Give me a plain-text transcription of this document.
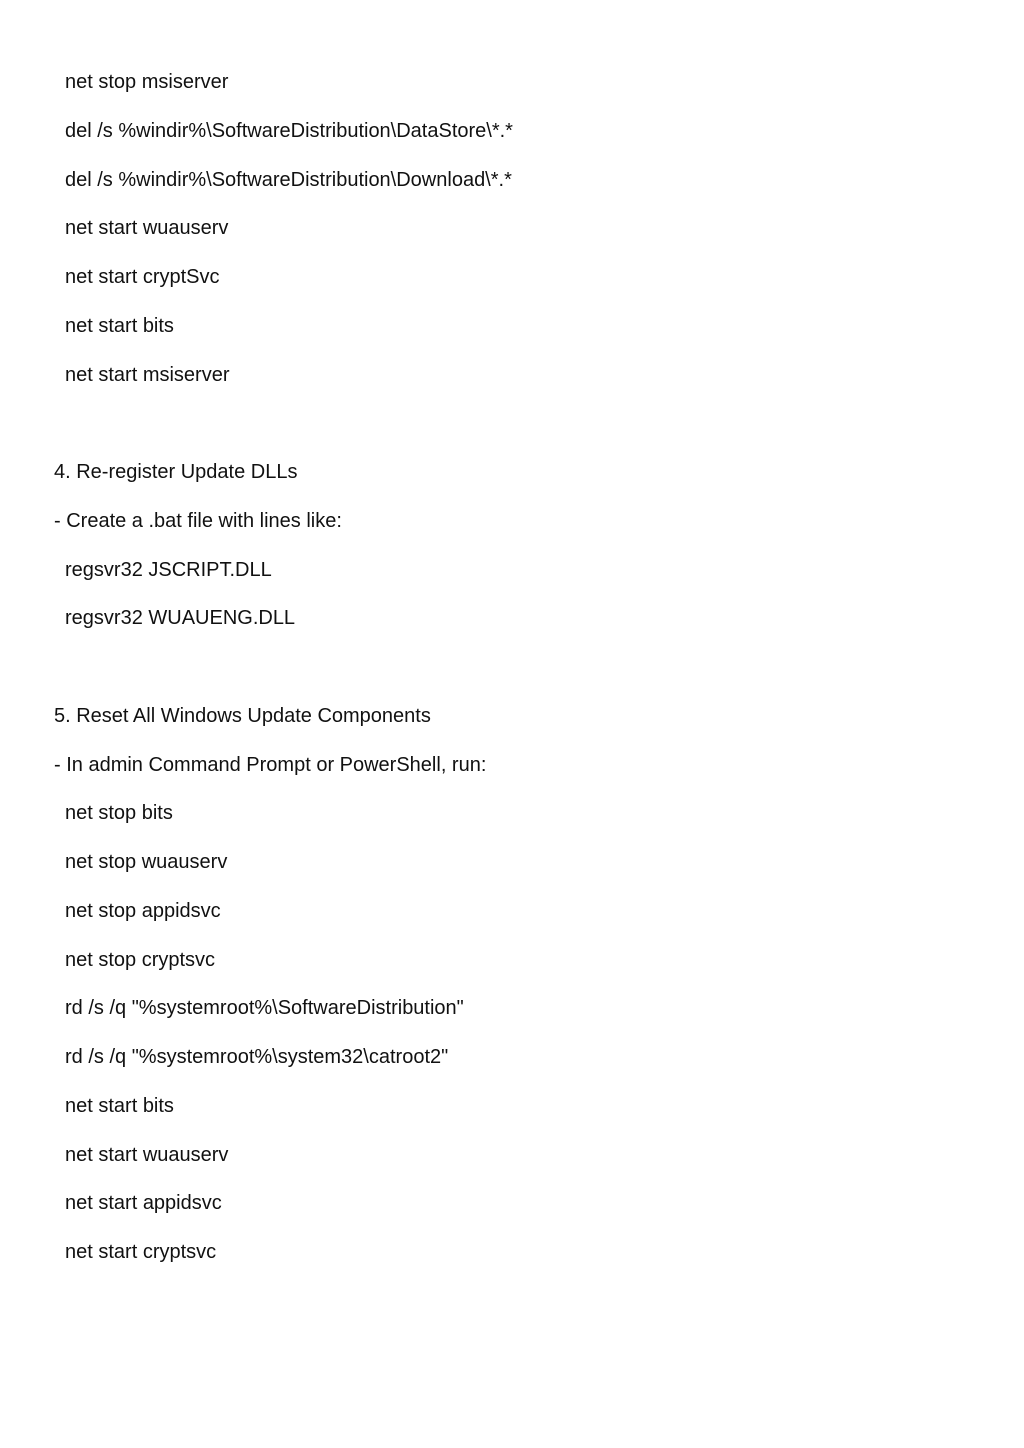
net stop msiserver
del /s %windir%\SoftwareDistribution\DataStore\*.*
del /s %windir%\SoftwareDistribution\Download\*.*
net start wuauserv
net start cryptSvc
net start bits
net start msiserver
4. Re-register Update DLLs
- Create a .bat file with lines like:
regsvr32 JSCRIPT.DLL
regsvr32 WUAUENG.DLL
5. Reset All Windows Update Components
- In admin Command Prompt or PowerShell, run:
net stop bits
net stop wuauserv
net stop appidsvc
net stop cryptsvc
rd /s /q "%systemroot%\SoftwareDistribution"
rd /s /q "%systemroot%\system32\catroot2"
net start bits
net start wuauserv
net start appidsvc
net start cryptsvc
